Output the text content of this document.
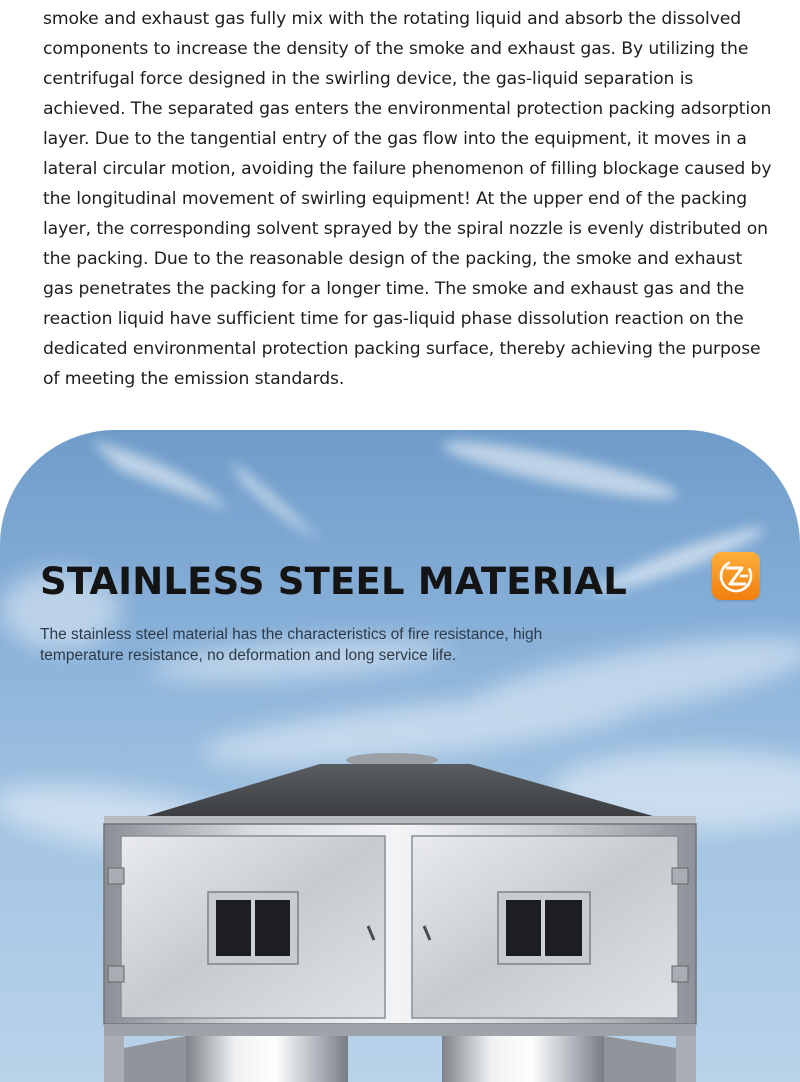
smoke and exhaust gas fully mix with the rotating liquid and absorb the dissolved components to increase the density of the smoke and exhaust gas. By utilizing the centrifugal force designed in the swirling device, the gas-liquid separation is achieved. The separated gas enters the environmental protection packing adsorption layer. Due to the tangential entry of the gas flow into the equipment, it moves in a lateral circular motion, avoiding the failure phenomenon of filling blockage caused by the longitudinal movement of swirling equipment! At the upper end of the packing layer, the corresponding solvent sprayed by the spiral nozzle is evenly distributed on the packing. Due to the reasonable design of the packing, the smoke and exhaust gas penetrates the packing for a longer time. The smoke and exhaust gas and the reaction liquid have sufficient time for gas-liquid phase dissolution reaction on the dedicated environmental protection packing surface, thereby achieving the purpose of meeting the emission standards.

STAINLESS STEEL MATERIAL

The stainless steel material has the characteristics of fire resistance, high temperature resistance, no deformation and long service life.
